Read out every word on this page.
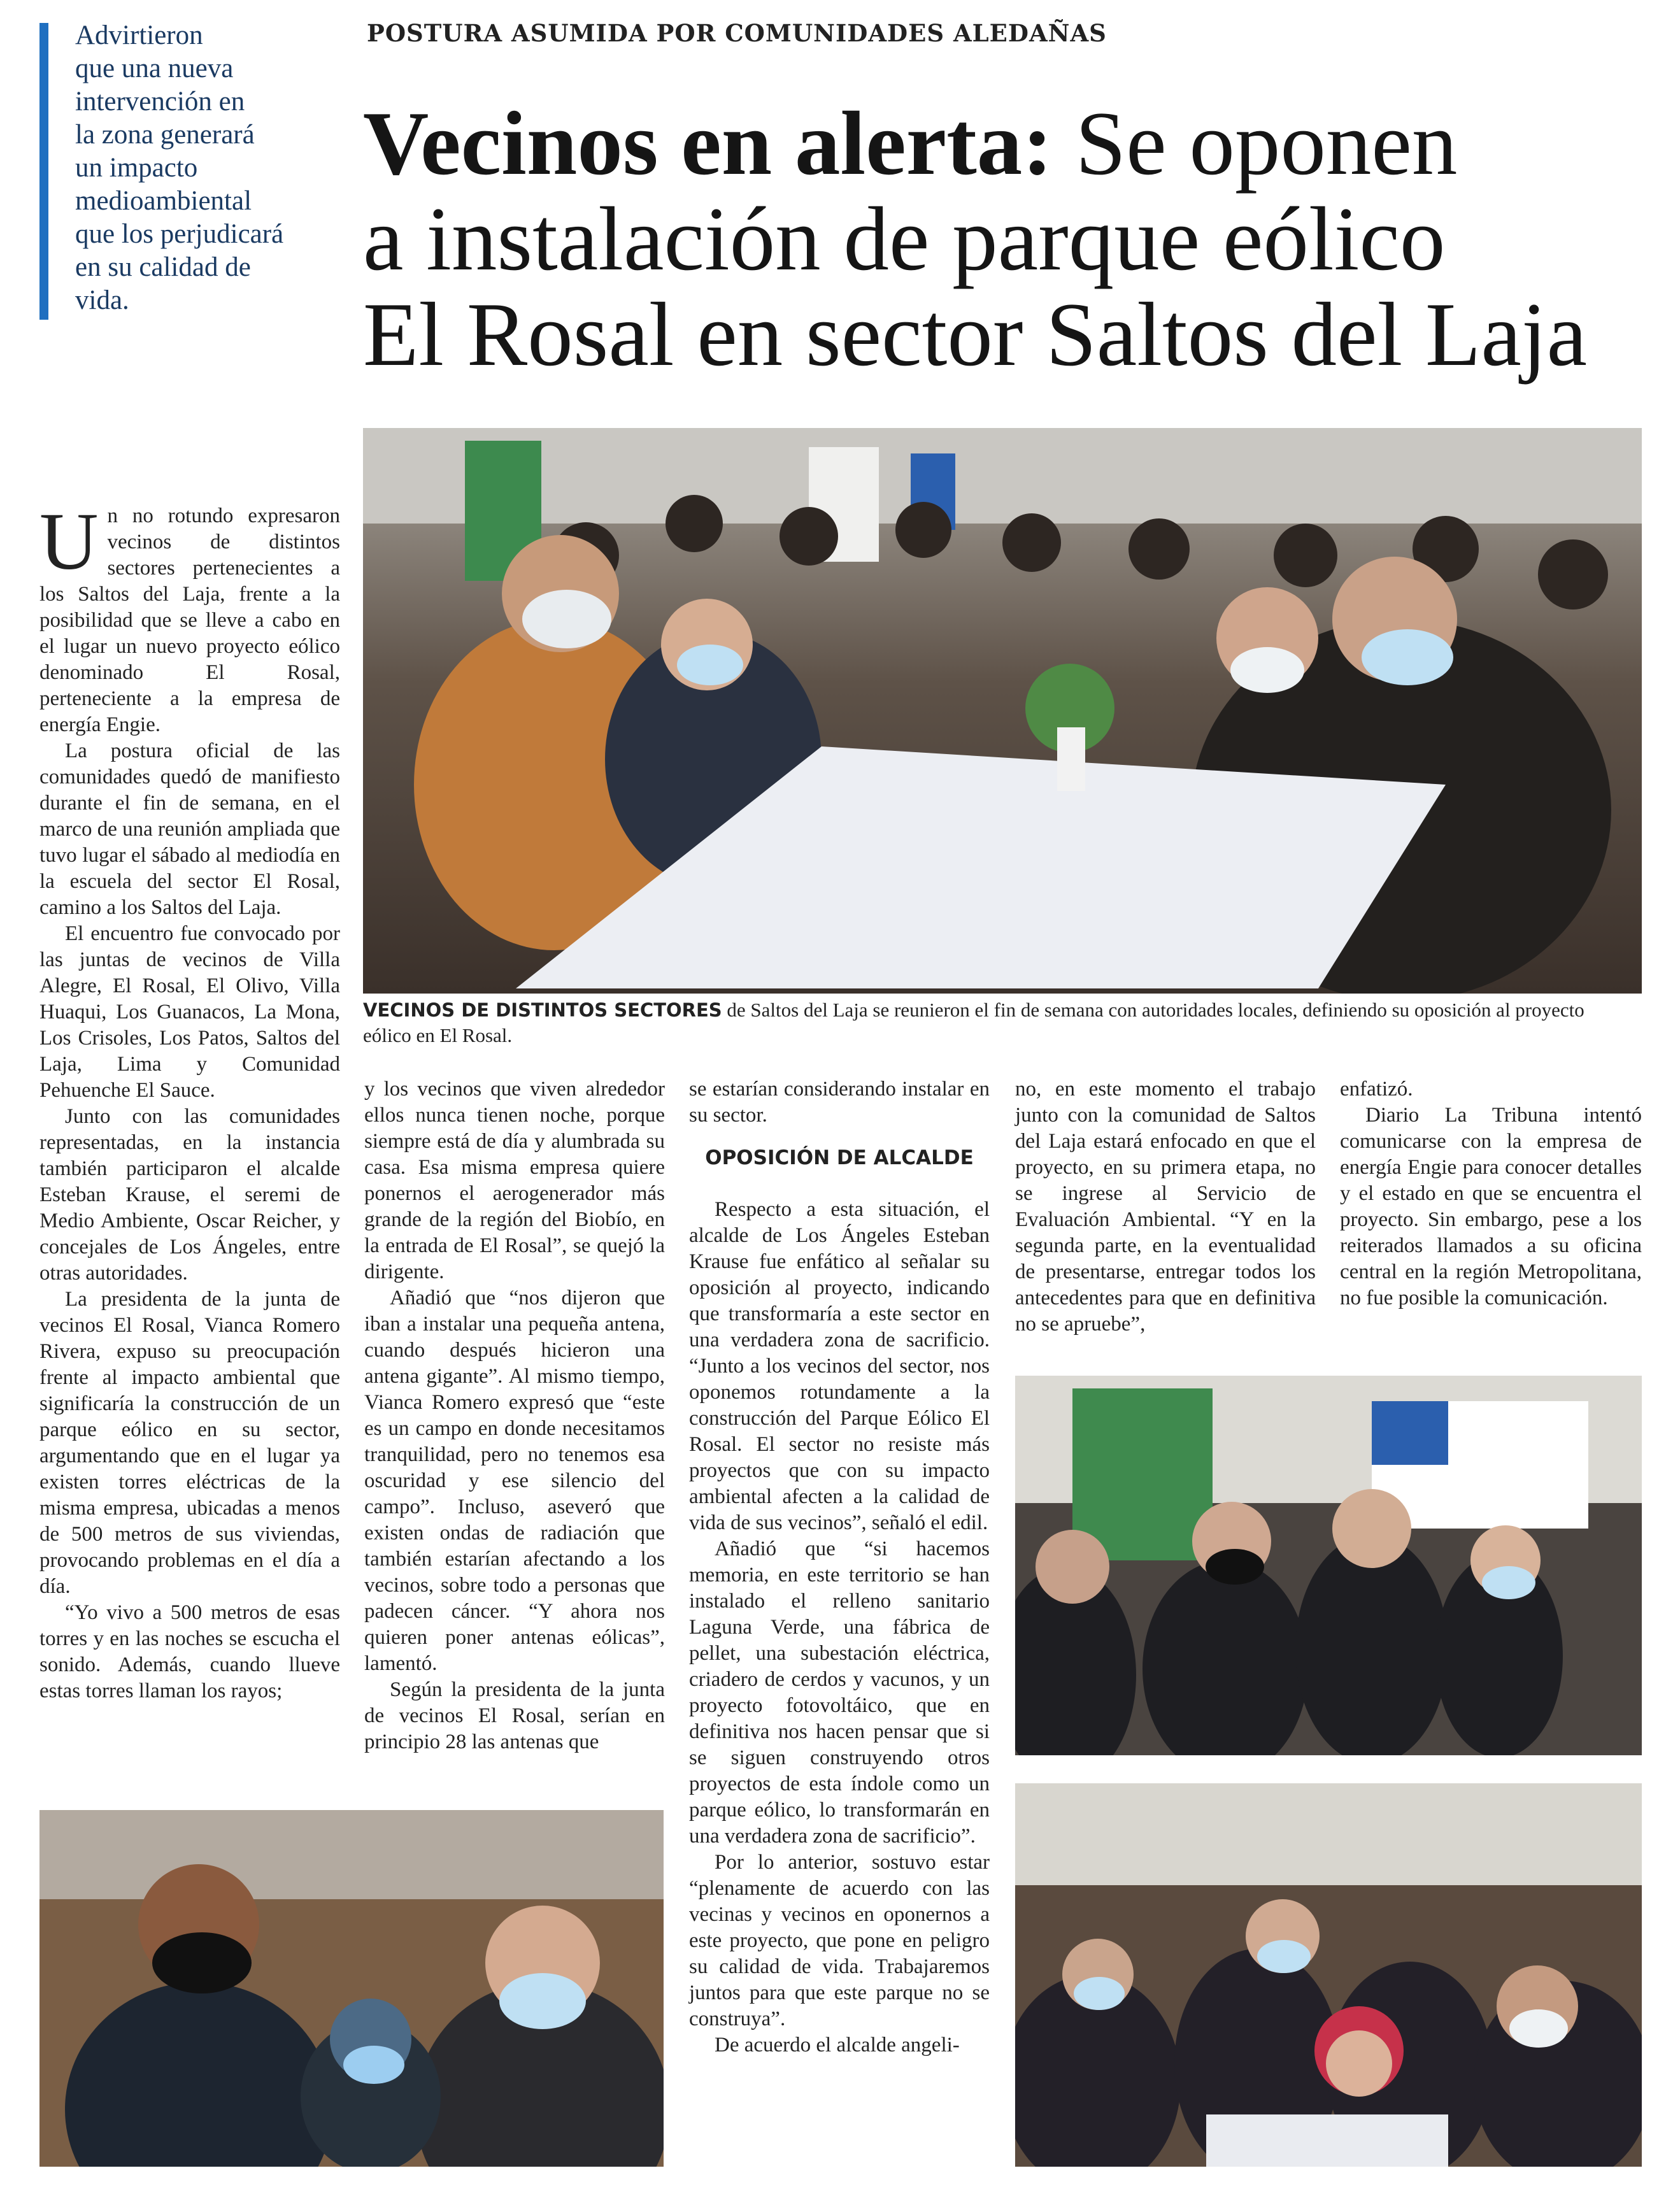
Advirtieron
que una nueva
intervención en
la zona generará
un impacto
medioambiental
que los perjudicará
en su calidad de
vida.
POSTURA ASUMIDA POR COMUNIDADES ALEDAÑAS
Vecinos en alerta: Se oponen
a instalación de parque eólico
El Rosal en sector Saltos del Laja
VECINOS DE DISTINTOS SECTORES de Saltos del Laja se reunieron el fin de semana con autoridades locales, definiendo su oposición al proyecto eólico en El Rosal.

Un no rotundo expresaron vecinos de distintos sectores pertenecientes a los Saltos del Laja, frente a la posibilidad que se lleve a cabo en el lugar un nuevo proyecto eólico denominado El Rosal, perteneciente a la empresa de energía Engie.

La postura oficial de las comunidades quedó de manifiesto durante el fin de semana, en el marco de una reunión ampliada que tuvo lugar el sábado al mediodía en la escuela del sector El Rosal, camino a los Saltos del Laja.

El encuentro fue convocado por las juntas de vecinos de Villa Alegre, El Rosal, El Olivo, Villa Huaqui, Los Guanacos, La Mona, Los Crisoles, Los Patos, Saltos del Laja, Lima y Comunidad Pehuenche El Sauce.

Junto con las comunidades representadas, en la instancia también participaron el alcalde Esteban Krause, el seremi de Medio Ambiente, Oscar Reicher, y concejales de Los Ángeles, entre otras autoridades.

La presidenta de la junta de vecinos El Rosal, Vianca Romero Rivera, expuso su preocupación frente al impacto ambiental que significaría la construcción de un parque eólico en su sector, argumentando que en el lugar ya existen torres eléctricas de la misma empresa, ubicadas a menos de 500 metros de sus viviendas, provocando problemas en el día a día.

“Yo vivo a 500 metros de esas torres y en las noches se escucha el sonido. Además, cuando llueve estas torres llaman los rayos;

y los vecinos que viven alrededor ellos nunca tienen noche, porque siempre está de día y alumbrada su casa. Esa misma empresa quiere ponernos el aerogenerador más grande de la región del Biobío, en la entrada de El Rosal”, se quejó la dirigente.

Añadió que “nos dijeron que iban a instalar una pequeña antena, cuando después hicieron una antena gigante”. Al mismo tiempo, Vianca Romero expresó que “este es un campo en donde necesitamos tranquilidad, pero no tenemos esa oscuridad y ese silencio del campo”. Incluso, aseveró que existen ondas de radiación que también estarían afectando a los vecinos, sobre todo a personas que padecen cáncer. “Y ahora nos quieren poner antenas eólicas”, lamentó.

Según la presidenta de la junta de vecinos El Rosal, serían en principio 28 las antenas que

se estarían considerando instalar en su sector.

OPOSICIÓN DE ALCALDE

Respecto a esta situación, el alcalde de Los Ángeles Esteban Krause fue enfático al señalar su oposición al proyecto, indicando que transformaría a este sector en una verdadera zona de sacrificio. “Junto a los vecinos del sector, nos oponemos rotundamente a la construcción del Parque Eólico El Rosal. El sector no resiste más proyectos que con su impacto ambiental afecten a la calidad de vida de sus vecinos”, señaló el edil.

Añadió que “si hacemos memoria, en este territorio se han instalado el relleno sanitario Laguna Verde, una fábrica de pellet, una subestación eléctrica, criadero de cerdos y vacunos, y un proyecto fotovoltáico, que en definitiva nos hacen pensar que si se siguen construyendo otros proyectos de esta índole como un parque eólico, lo transformarán en una verdadera zona de sacrificio”.

Por lo anterior, sostuvo estar “plenamente de acuerdo con las vecinas y vecinos en oponernos a este proyecto, que pone en peligro su calidad de vida. Trabajaremos juntos para que este parque no se construya”.

De acuerdo el alcalde angeli-

no, en este momento el trabajo junto con la comunidad de Saltos del Laja estará enfocado en que el proyecto, en su primera etapa, no se ingrese al Servicio de Evaluación Ambiental. “Y en la segunda parte, en la eventualidad de presentarse, entregar todos los antecedentes para que en definitiva no se apruebe”,

enfatizó.

Diario La Tribuna intentó comunicarse con la empresa de energía Engie para conocer detalles y el estado en que se encuentra el proyecto. Sin embargo, pese a los reiterados llamados a su oficina central en la región Metropolitana, no fue posible la comunicación.
